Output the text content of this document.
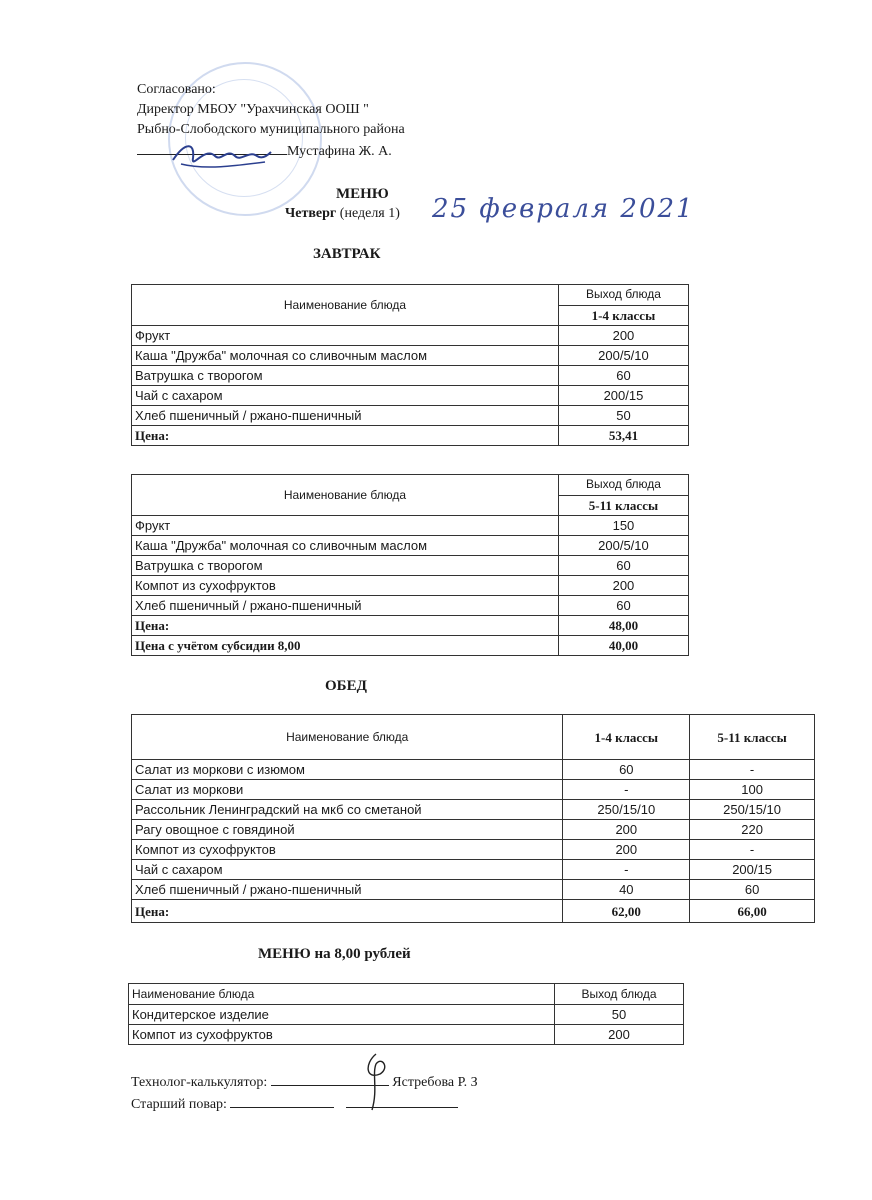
Согласовано:
Директор МБОУ "Урахчинская ООШ "
Рыбно-Слободского муниципального района
Мустафина Ж. А.
МЕНЮ
Четверг (неделя 1) 25 февраля 2021
ЗАВТРАК
Наименование блюда	Выход блюда
	1-4 классы
Фрукт	200
Каша "Дружба" молочная со сливочным маслом	200/5/10
Ватрушка с творогом	60
Чай с сахаром	200/15
Хлеб пшеничный / ржано-пшеничный	50
Цена:	53,41
Наименование блюда	Выход блюда
	5-11 классы
Фрукт	150
Каша "Дружба" молочная со сливочным маслом	200/5/10
Ватрушка с творогом	60
Компот из сухофруктов	200
Хлеб пшеничный / ржано-пшеничный	60
Цена:	48,00
Цена с учётом субсидии 8,00	40,00
ОБЕД
Наименование блюда	1-4 классы	5-11 классы
Салат из моркови с изюмом	60	-
Салат из моркови	-	100
Рассольник Ленинградский на мкб со сметаной	250/15/10	250/15/10
Рагу овощное с говядиной	200	220
Компот из сухофруктов	200	-
Чай с сахаром	-	200/15
Хлеб пшеничный / ржано-пшеничный	40	60
Цена:	62,00	66,00
МЕНЮ на 8,00 рублей
Наименование блюда	Выход блюда
Кондитерское изделие	50
Компот из сухофруктов	200
Технолог-калькулятор:	Ястребова Р. З
Старший повар:
